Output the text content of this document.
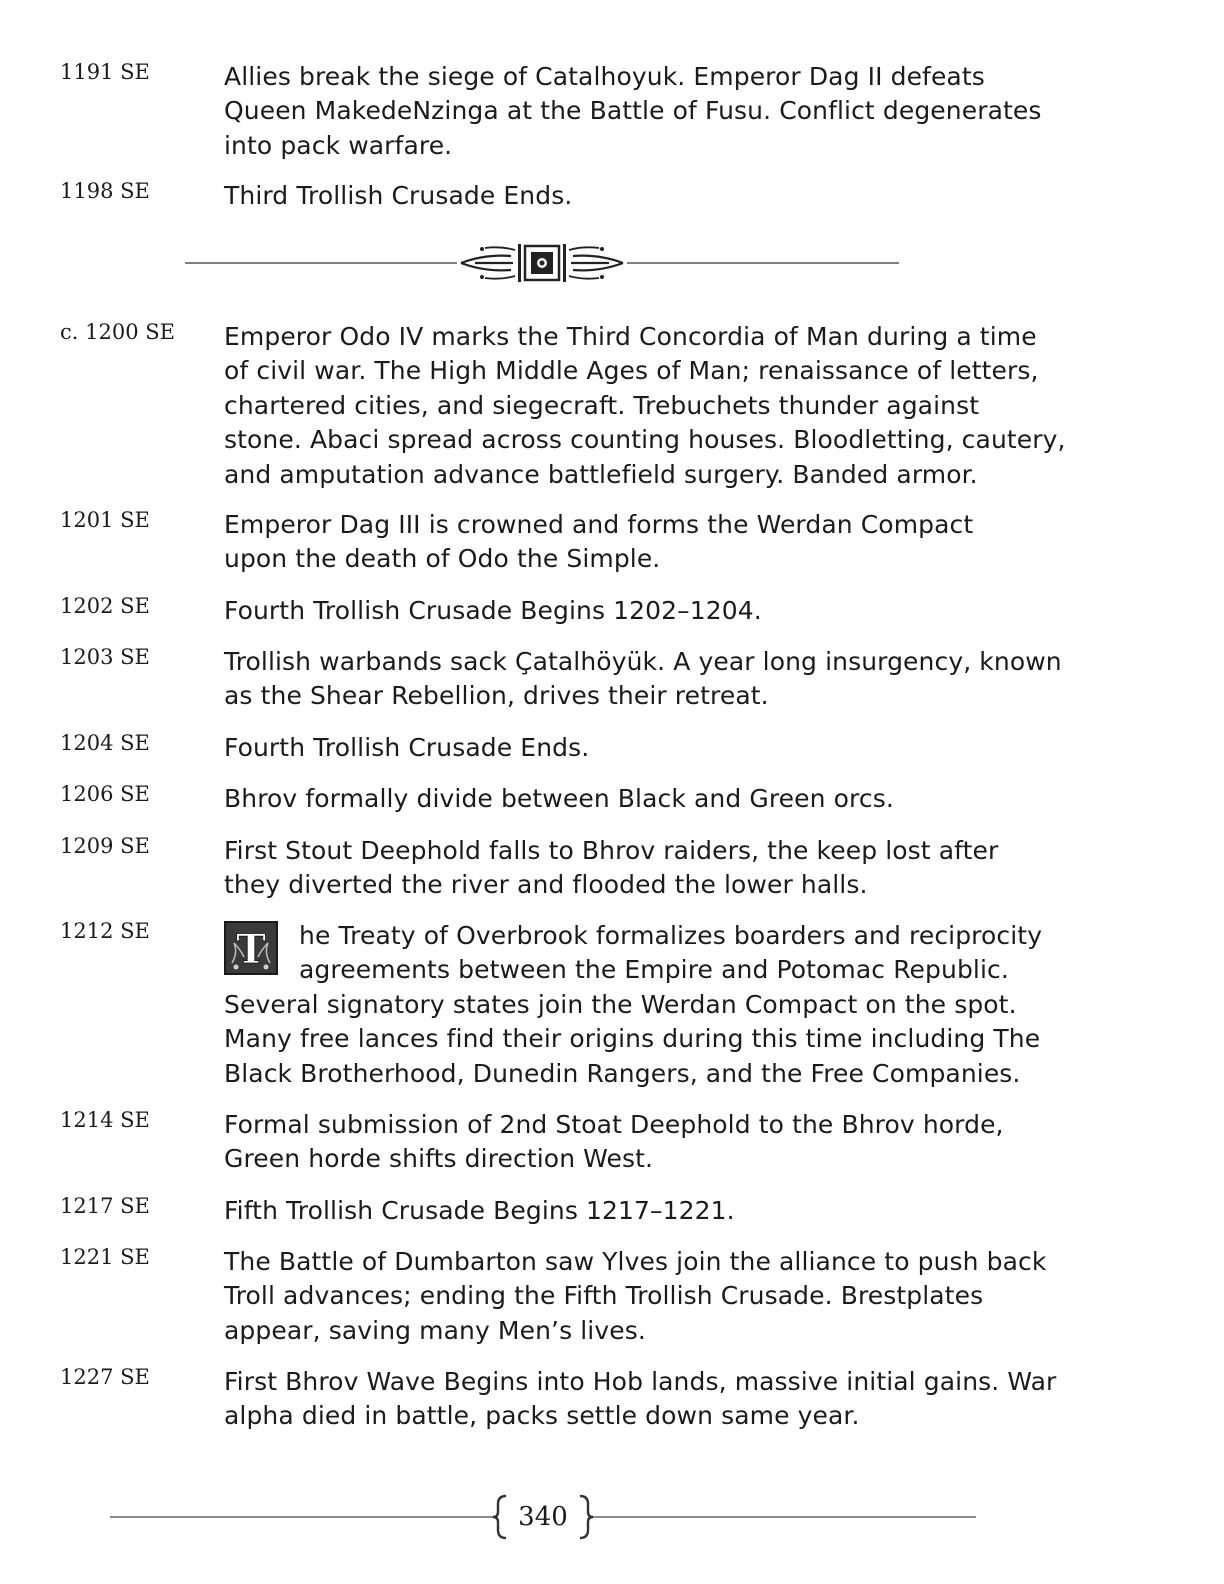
1191 SE	Allies break the siege of Catalhoyuk. Emperor Dag II defeats
Queen MakedeNzinga at the Battle of Fusu. Conflict degenerates
into pack warfare.
1198 SE	Third Trollish Crusade Ends.
c. 1200 SE Emperor Odo IV marks the Third Concordia of Man during a time
of civil war. The High Middle Ages of Man; renaissance of letters,
chartered cities, and siegecraft. Trebuchets thunder against
stone. Abaci spread across counting houses. Bloodletting, cautery,
and amputation advance battlefield surgery. Banded armor.
1201 SE	Emperor Dag III is crowned and forms the Werdan Compact
upon the death of Odo the Simple.
1202 SE	Fourth Trollish Crusade Begins 1202–1204.
1203 SE	Trollish warbands sack Çatalhöyük. A year long insurgency, known
as the Shear Rebellion, drives their retreat.
1204 SE	Fourth Trollish Crusade Ends.
1206 SE	Bhrov formally divide between Black and Green orcs.
1209 SE	First Stout Deephold falls to Bhrov raiders, the keep lost after
they diverted the river and flooded the lower halls.
1212 SE T	he Treaty of Overbrook formalizes boarders and reciprocity
agreements between the Empire and Potomac Republic.
Several signatory states join the Werdan Compact on the spot.
Many free lances find their origins during this time including The
Black Brotherhood, Dunedin Rangers, and the Free Companies.
1214 SE	Formal submission of 2nd Stoat Deephold to the Bhrov horde,
Green horde shifts direction West.
1217 SE	Fifth Trollish Crusade Begins 1217–1221.
1221 SE	The Battle of Dumbarton saw Ylves join the alliance to push back
Troll advances; ending the Fifth Trollish Crusade. Brestplates
appear, saving many Men’s lives.
1227 SE	First Bhrov Wave Begins into Hob lands, massive initial gains. War
alpha died in battle, packs settle down same year.
340
